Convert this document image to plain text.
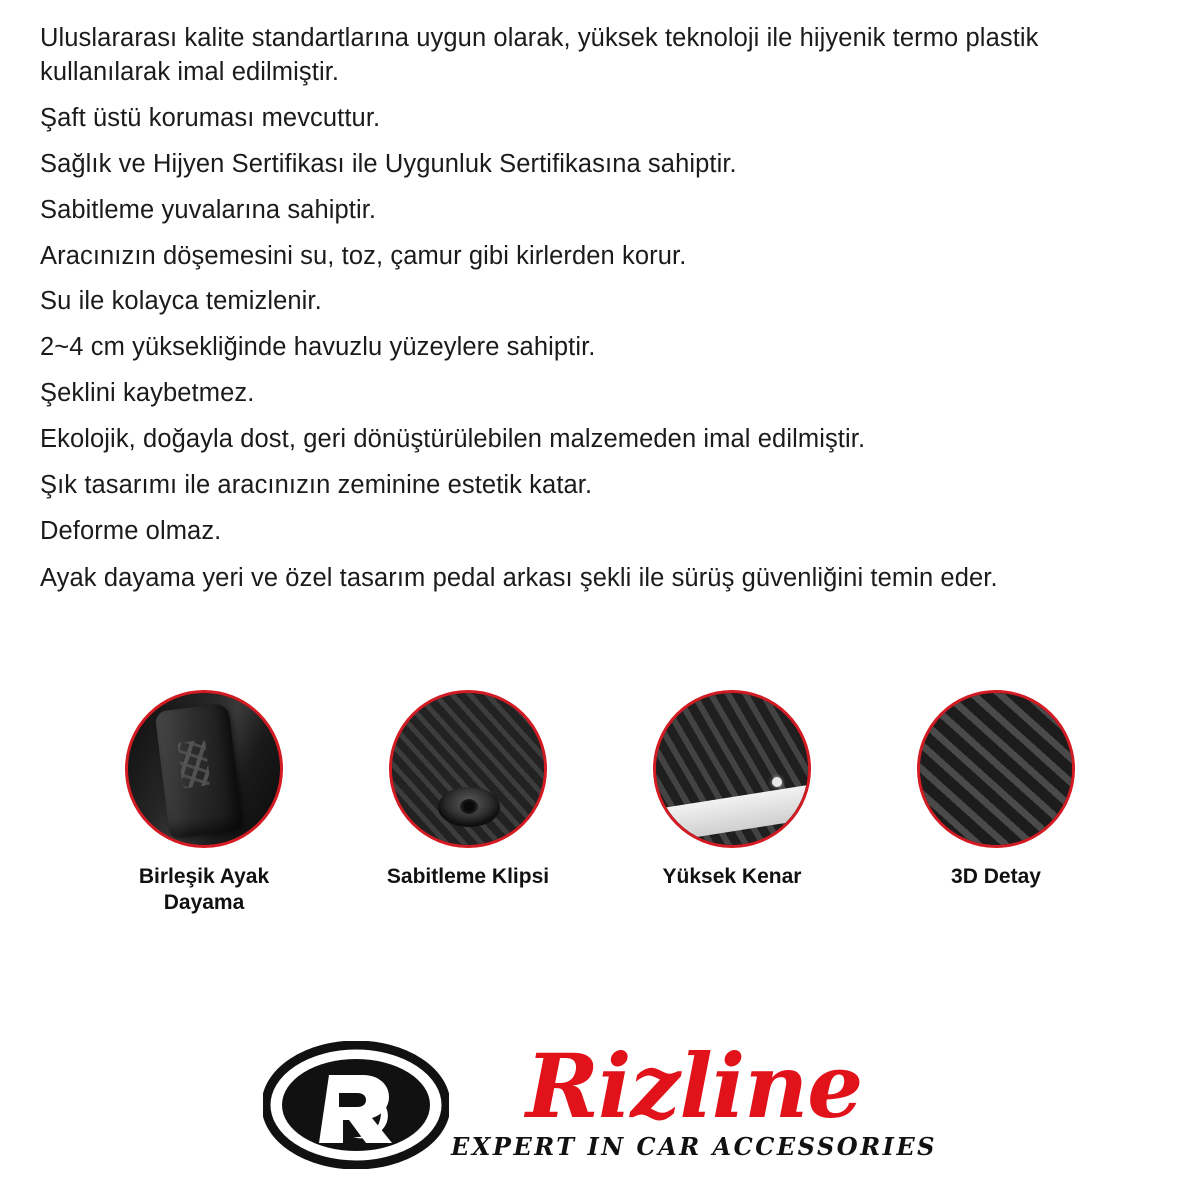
Uluslararası kalite standartlarına uygun olarak, yüksek teknoloji ile hijyenik termo plastik kullanılarak imal edilmiştir.

Şaft üstü koruması mevcuttur.

Sağlık ve Hijyen Sertifikası ile Uygunluk Sertifikasına sahiptir.

Sabitleme yuvalarına sahiptir.

Aracınızın döşemesini su, toz, çamur gibi kirlerden korur.

Su ile kolayca temizlenir.

2~4 cm yüksekliğinde havuzlu yüzeylere sahiptir.

Şeklini kaybetmez.

Ekolojik, doğayla dost, geri dönüştürülebilen malzemeden imal edilmiştir.

Şık tasarımı ile aracınızın zeminine estetik katar.

Deforme olmaz.

Ayak dayama yeri ve özel tasarım pedal arkası şekli ile sürüş güvenliğini temin eder.

Birleşik Ayak Dayama
Sabitleme Klipsi	Yüksek Kenar	3D Detay
Rizline
EXPERT IN CAR ACCESSORIES
